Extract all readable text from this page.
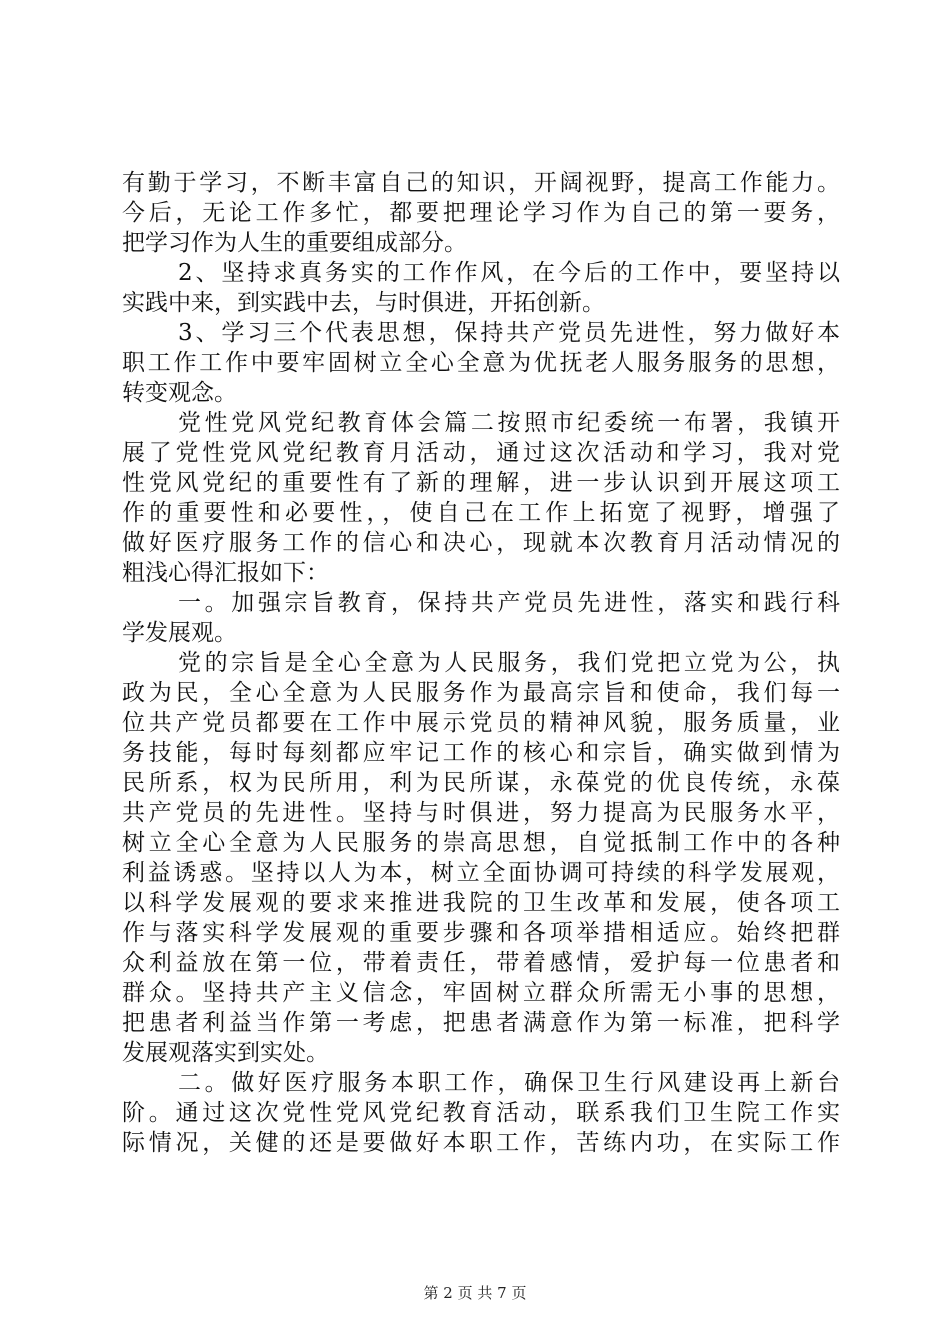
有勤于学习，不断丰富自己的知识，开阔视野，提高工作能力。
今后，无论工作多忙，都要把理论学习作为自己的第一要务，
把学习作为人生的重要组成部分。
2、坚持求真务实的工作作风，在今后的工作中，要坚持以
实践中来，到实践中去，与时俱进，开拓创新。
3、学习三个代表思想，保持共产党员先进性，努力做好本
职工作工作中要牢固树立全心全意为优抚老人服务服务的思想，
转变观念。
党性党风党纪教育体会篇二按照市纪委统一布署，我镇开
展了党性党风党纪教育月活动，通过这次活动和学习，我对党
性党风党纪的重要性有了新的理解，进一步认识到开展这项工
作的重要性和必要性，，使自己在工作上拓宽了视野，增强了
做好医疗服务工作的信心和决心，现就本次教育月活动情况的
粗浅心得汇报如下：
一。加强宗旨教育，保持共产党员先进性，落实和践行科
学发展观。
党的宗旨是全心全意为人民服务，我们党把立党为公，执
政为民，全心全意为人民服务作为最高宗旨和使命，我们每一
位共产党员都要在工作中展示党员的精神风貌，服务质量，业
务技能，每时每刻都应牢记工作的核心和宗旨，确实做到情为
民所系，权为民所用，利为民所谋，永葆党的优良传统，永葆
共产党员的先进性。坚持与时俱进，努力提高为民服务水平，
树立全心全意为人民服务的崇高思想，自觉抵制工作中的各种
利益诱惑。坚持以人为本，树立全面协调可持续的科学发展观，
以科学发展观的要求来推进我院的卫生改革和发展，使各项工
作与落实科学发展观的重要步骤和各项举措相适应。始终把群
众利益放在第一位，带着责任，带着感情，爱护每一位患者和
群众。坚持共产主义信念，牢固树立群众所需无小事的思想，
把患者利益当作第一考虑，把患者满意作为第一标准，把科学
发展观落实到实处。
二。做好医疗服务本职工作，确保卫生行风建设再上新台
阶。通过这次党性党风党纪教育活动，联系我们卫生院工作实
际情况，关健的还是要做好本职工作，苦练内功，在实际工作
第 2 页 共 7 页
